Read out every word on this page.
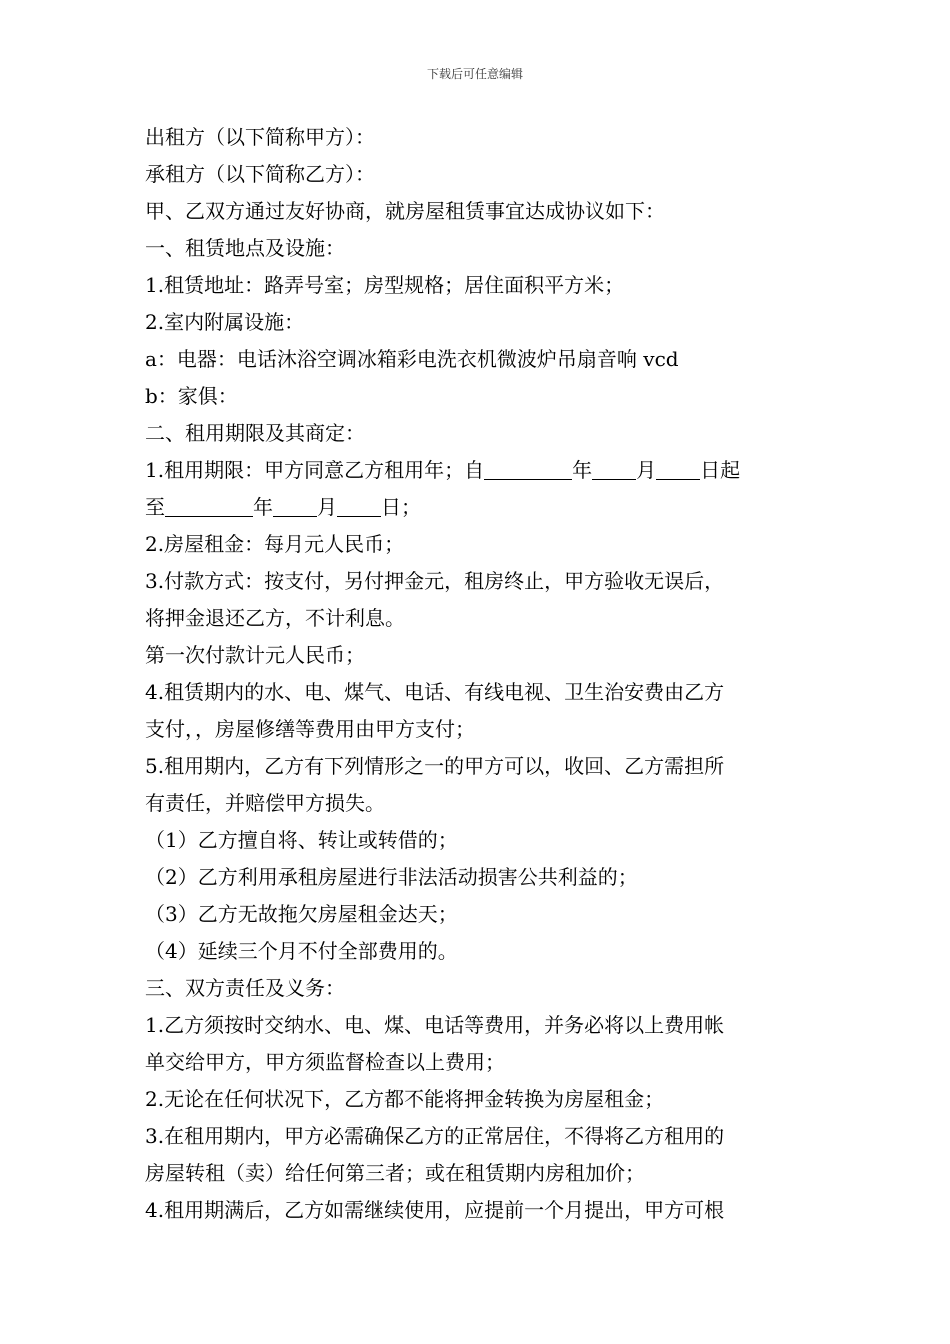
下载后可任意编辑
出租方（以下简称甲方）：
承租方（以下简称乙方）：
甲、乙双方通过友好协商，就房屋租赁事宜达成协议如下：
一、租赁地点及设施：
1.租赁地址：路弄号室；房型规格；居住面积平方米；
2.室内附属设施：
a：电器：电话沐浴空调冰箱彩电洗衣机微波炉吊扇音响 vcd
b：家俱：
二、租用期限及其商定：
1.租用期限：甲方同意乙方租用年；自	年 月 日起
至	年 月 日；
2.房屋租金：每月元人民币；
3.付款方式：按支付，另付押金元，租房终止，甲方验收无误后，
将押金退还乙方，不计利息。
第一次付款计元人民币；
4.租赁期内的水、电、煤气、电话、有线电视、卫生治安费由乙方
支付，，房屋修缮等费用由甲方支付；
5.租用期内，乙方有下列情形之一的甲方可以，收回、乙方需担所
有责任，并赔偿甲方损失。
（1）乙方擅自将、转让或转借的；
（2）乙方利用承租房屋进行非法活动损害公共利益的；
（3）乙方无故拖欠房屋租金达天；
（4）延续三个月不付全部费用的。
三、双方责任及义务：
1.乙方须按时交纳水、电、煤、电话等费用，并务必将以上费用帐
单交给甲方，甲方须监督检查以上费用；
2.无论在任何状况下，乙方都不能将押金转换为房屋租金；
3.在租用期内，甲方必需确保乙方的正常居住，不得将乙方租用的
房屋转租（卖）给任何第三者；或在租赁期内房租加价；
4.租用期满后，乙方如需继续使用，应提前一个月提出，甲方可根
